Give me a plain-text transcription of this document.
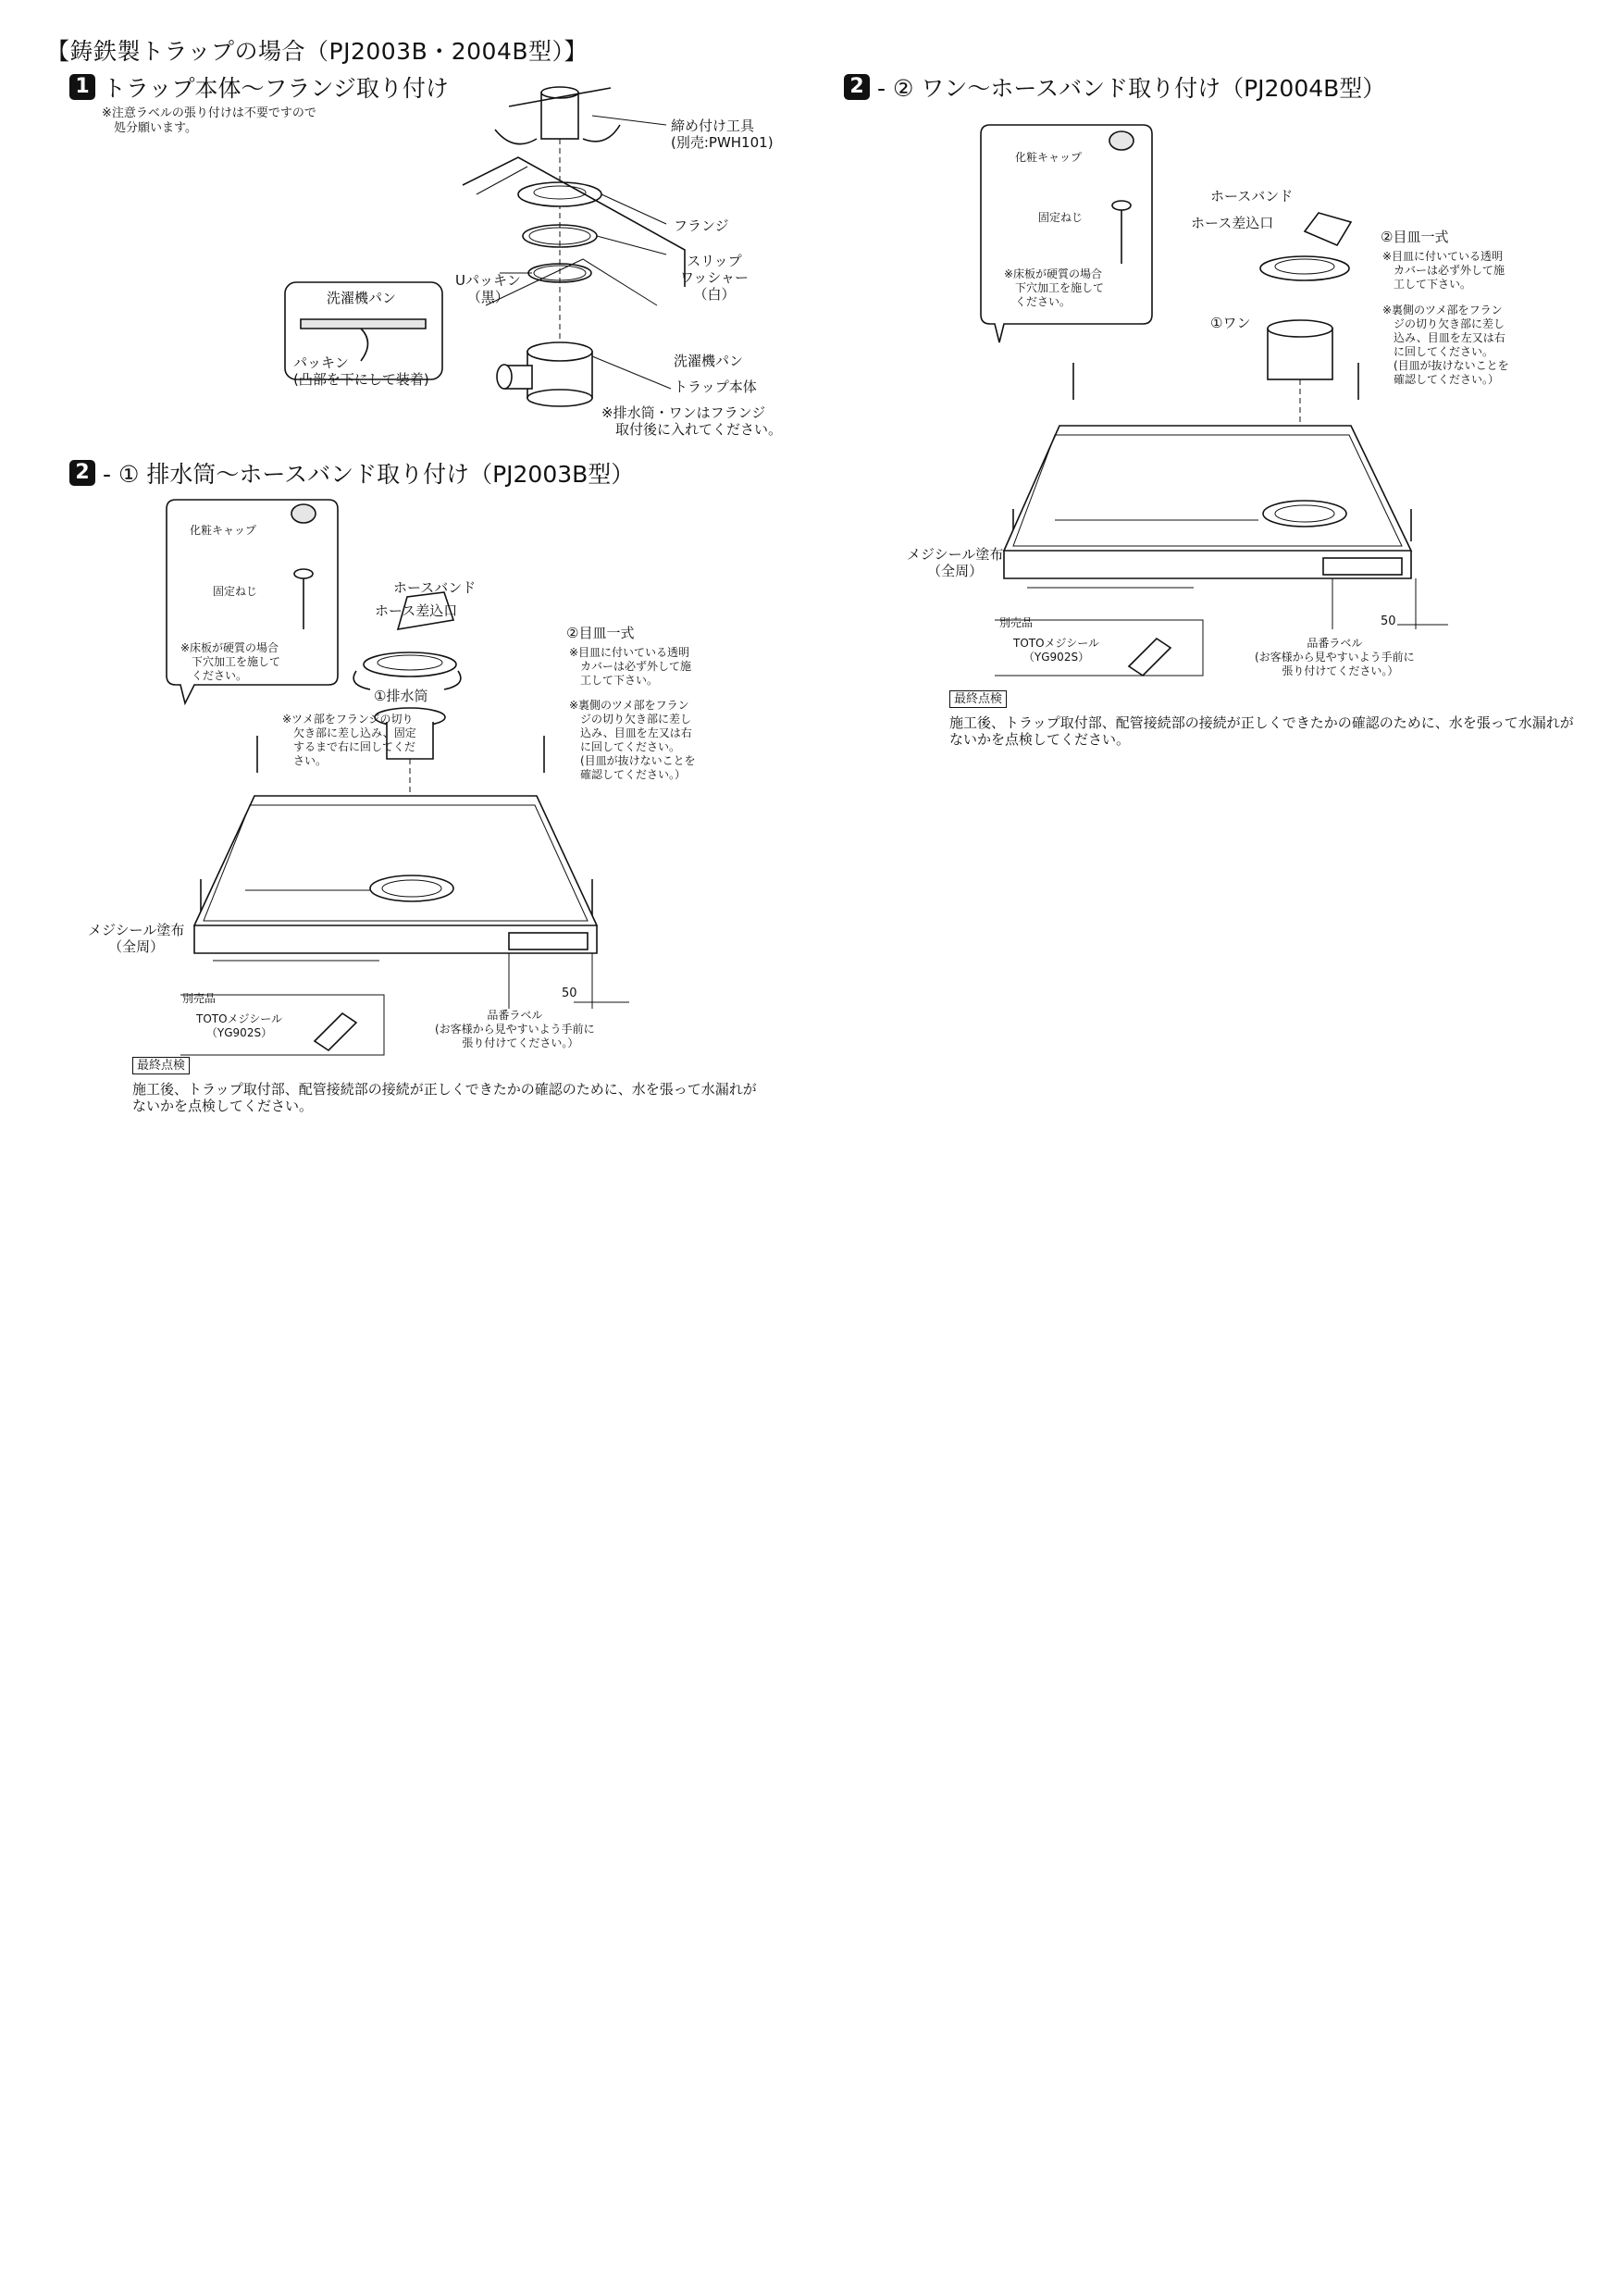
【鋳鉄製トラップの場合（PJ2003B・2004B型）】
1 トラップ本体〜フランジ取り付け
※注意ラベルの張り付けは不要ですので
　処分願います。	締め付け工具
(別売:PWH101)
フランジ
スリップ
ワッシャー
（白）
Uパッキン
（黒）
洗濯機パン
パッキン
(凸部を下にして装着)
洗濯機パン
トラップ本体
※排水筒・ワンはフランジ
　取付後に入れてください。
2 - ① 排水筒〜ホースバンド取り付け（PJ2003B型）
化粧キャップ
固定ねじ
※床板が硬質の場合
　下穴加工を施して
　ください。
ホースバンド
ホース差込口
②目皿一式
※目皿に付いている透明
　カバーは必ず外して施
　工して下さい。
①排水筒
※ツメ部をフランジの切り
　欠き部に差し込み、固定
　するまで右に回してくだ
　さい。
※裏側のツメ部をフラン
　ジの切り欠き部に差し
　込み、目皿を左又は右
　に回してください。
　(目皿が抜けないことを
　確認してください。）
メジシール塗布
（全周）
別売品
TOTOメジシール
（YG902S）
50
品番ラベル
(お客様から見やすいよう手前に
　張り付けてください。）
最終点検
施工後、トラップ取付部、配管接続部の接続が正しくできたかの確認のために、水を張って水漏れが
ないかを点検してください。
2 - ② ワン〜ホースバンド取り付け（PJ2004B型）
化粧キャップ
固定ねじ
※床板が硬質の場合
　下穴加工を施して
　ください。
ホースバンド
ホース差込口
②目皿一式
※目皿に付いている透明
　カバーは必ず外して施
　工して下さい。
※裏側のツメ部をフラン
　ジの切り欠き部に差し
　込み、目皿を左又は右
　に回してください。
　(目皿が抜けないことを
　確認してください。）
①ワン
メジシール塗布
（全周）
別売品
TOTOメジシール
（YG902S）
50
品番ラベル
(お客様から見やすいよう手前に
　張り付けてください。）
最終点検
施工後、トラップ取付部、配管接続部の接続が正しくできたかの確認のために、水を張って水漏れが
ないかを点検してください。
